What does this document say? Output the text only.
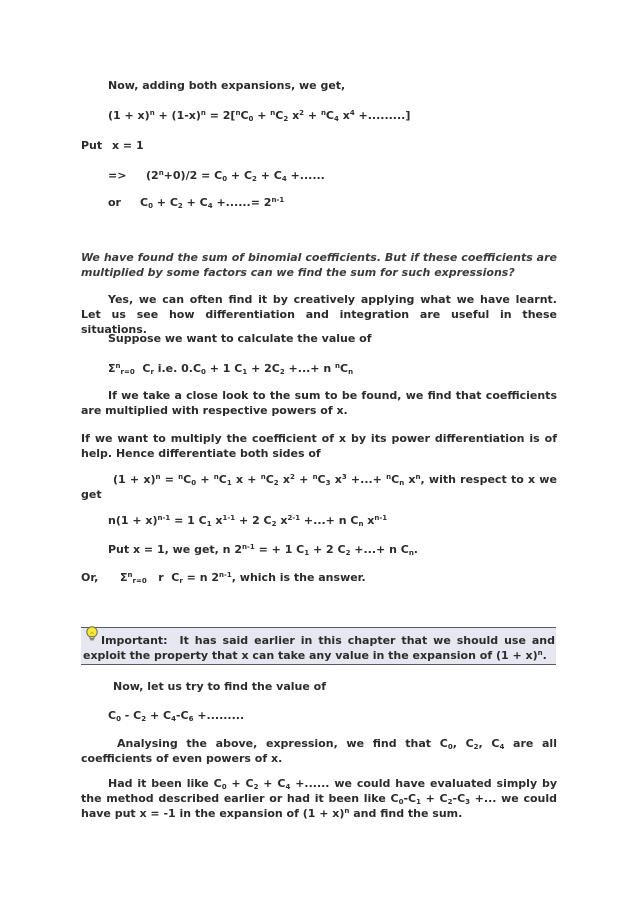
Now, adding both expansions, we get,
$(1 + x)^n + (1-x)^n = 2[^nC_0 + ^nC_2$ $x^2 + ^nC_4$ $x^4$ +.........]
Put x = 1
=> $(2^n+0)/2 = C_0 + C_2 + C_4$ +......
or $C_0 + C_2 + C_4$ +......= $2^{n-1}$
We have found the sum of binomial coefficients. But if these coefficients are multiplied by some factors can we find the sum for such expressions?
Yes, we can often find it by creatively applying what we have learnt. Let us see how differentiation and integration are useful in these situations.
Suppose we want to calculate the value of
$\Sigma^n_{r=0}$  $C_r$ i.e. $0.C_0 + 1$ $C_1 + 2C_2$ +...+ n $^nC_n$
If we take a close look to the sum to be found, we find that coefficients are multiplied with respective powers of x.
If we want to multiply the coefficient of x by its power differentiation is of help. Hence differentiate both sides of
$(1 + x)^n = ^nC_0 + ^nC_1$ $x + ^nC_2$ $x^2 + ^nC_3$ $x^3$ +...+ $^nC_n$ $x^n$, with respect to x we get
$n(1 + x)^{n-1} = 1$ $C_1$ $x^{1-1} + 2$ $C_2$ $x^{2-1}$ +...+ n $C_n$ $x^{n-1}$
Put x = 1, we get, n $2^{n-1}$ = + 1 $C_1 + 2$ $C_2$ +...+ n $C_n$.
Or, $\Sigma^n_{r=0}$   r  $C_r = n$ 2$^{n-1}$, which is the answer.
Important: It has said earlier in this chapter that we should use and exploit the property that x can take any value in the expansion of $(1 + x)^n$.
Now, let us try to find the value of
$C_0 - C_2 + C_4-C_6$ +.........
Analysing the above, expression, we find that $C_0$, $C_2$, $C_4$ are all coefficients of even powers of x.
Had it been like $C_0 + C_2 + C_4$ +...... we could have evaluated simply by the method described earlier or had it been like $C_0-C_1 + C_2-C_3$ +... we could have put x = -1 in the expansion of $(1 + x)^n$ and find the sum.
